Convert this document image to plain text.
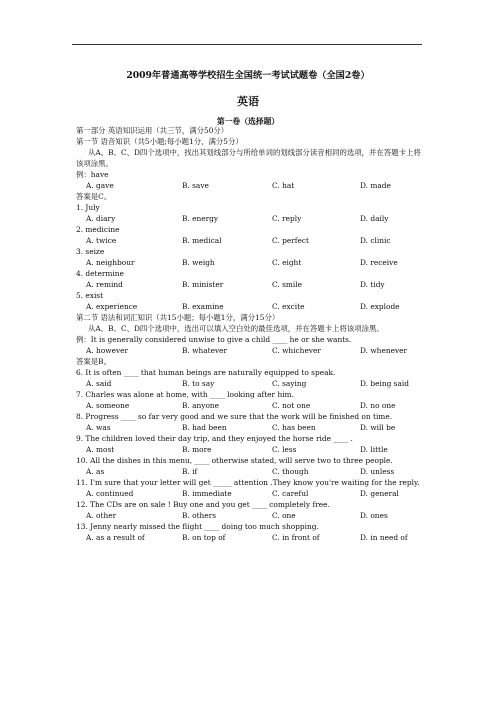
2009年普通高等学校招生全国统一考试试题卷（全国2卷）
英语
第一卷（选择题）
第一部分 英语知识运用（共三节，满分50分）
第一节 语音知识（共5小题;每小题1分，满分5分）
从A、B、C、D四个选项中，找出其划线部分与所给单词的划线部分读音相同的选项，并在答题卡上将该项涂黑。
例：have
A. gave	B. save	C. hat	D. made
答案是C。
1. July
A. diary	B. energy	C. reply	D. daily
2. medicine
A. twice	B. medical	C. perfect	D. clinic
3. seize
A. neighbour	B. weigh	C. eight	D. receive
4. determine
A. remind	B. minister	C. smile	D. tidy
5. exist
A. experience	B. examine	C. excite	D. explode
第二节 语法和词汇知识（共15小题；每小题1分，满分15分）
从A、B、C、D四个选项中，选出可以填入空白处的最佳选项，并在答题卡上将该项涂黑。
例：It is generally considered unwise to give a child ____ he or she wants.
A. however	B. whatever	C. whichever	D. whenever
答案是B。
6. It is often ____ that human beings are naturally equipped to speak.
A. said	B. to say	C. saying	D. being said
7. Charles was alone at home, with ____ looking after him.
A. someone	B. anyone	C. not one	D. no one
8. Progress ____ so far very good and we sure that the work will be finished on time.
A. was	B. had been	C. has been	D. will be
9. The children loved their day trip, and they enjoyed the horse ride ____ .
A. most	B. more	C. less	D. little
10. All the dishes in this menu, ____ otherwise stated, will serve two to three people.
A. as	B. if	C. though	D. unless
11. I'm sure that your letter will get _____ attention .They know you're waiting for the reply.
A. continued	B. immediate	C. careful	D. general
12. The CDs are on sale ! Buy one and you get ____ completely free.
A. other	B. others	C. one	D. ones
13. Jenny nearly missed the flight ____ doing too much shopping.
A. as a result of	B. on top of	C. in front of	D. in need of
